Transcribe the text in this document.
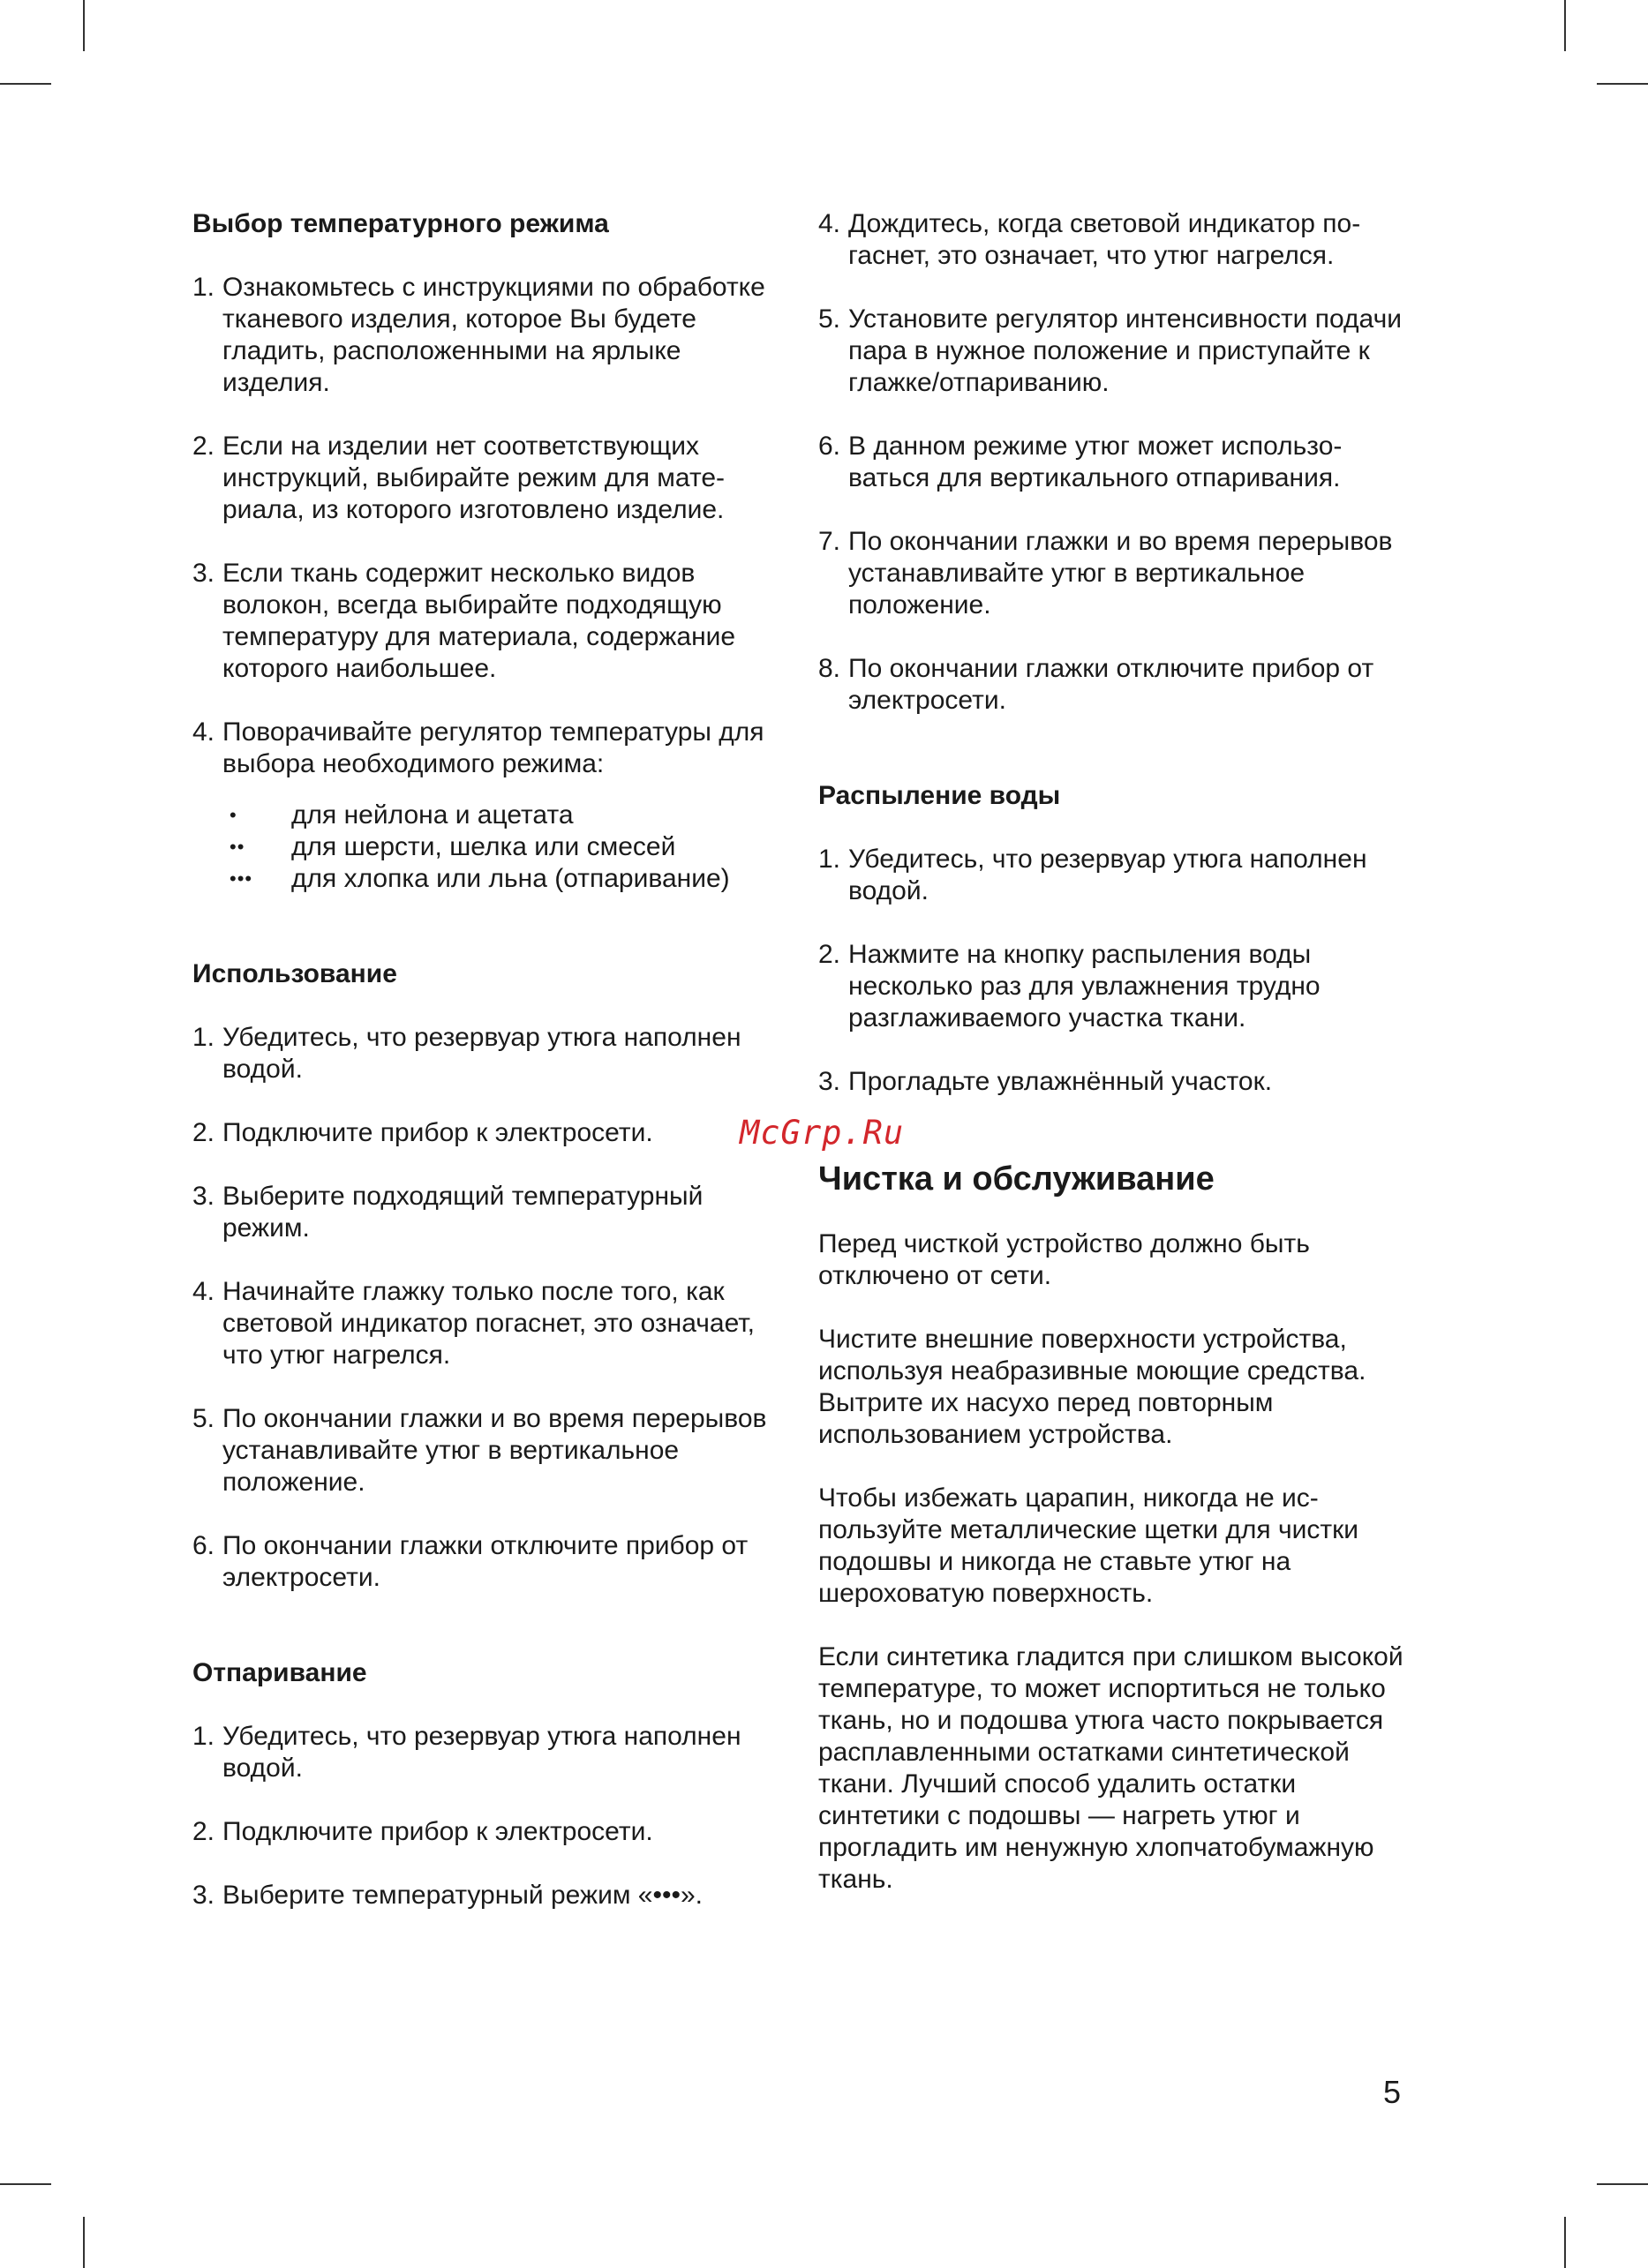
Выбор температурного режима
1. Ознакомьтесь с инструкциями по обработке тканевого изделия, которое Вы будете гладить, расположенными на ярлыке изделия.
2. Если на изделии нет соответствующих инструкций, выбирайте режим для материала, из которого изготовлено изделие.
3. Если ткань содержит несколько видов волокон, всегда выбирайте подходящую температуру для материала, содержание которого наибольшее.
4. Поворачивайте регулятор температуры для выбора необходимого режима:
•	для нейлона и ацетата
••	для шерсти, шелка или смесей
•••	для хлопка или льна (отпаривание)
Использование
1. Убедитесь, что резервуар утюга наполнен водой.
2. Подключите прибор к электросети.
3. Выберите подходящий температурный режим.
4. Начинайте глажку только после того, как световой индикатор погаснет, это означает, что утюг нагрелся.
5. По окончании глажки и во время перерывов устанавливайте утюг в вертикальное положение.
6. По окончании глажки отключите прибор от электросети.
Отпаривание
1. Убедитесь, что резервуар утюга наполнен водой.
2. Подключите прибор к электросети.
3. Выберите температурный режим «•••».
4. Дождитесь, когда световой индикатор погаснет, это означает, что утюг нагрелся.
5. Установите регулятор интенсивности подачи пара в нужное положение и приступайте к глажке/отпариванию.
6. В данном режиме утюг может использоваться для вертикального отпаривания.
7. По окончании глажки и во время перерывов устанавливайте утюг в вертикальное положение.
8. По окончании глажки отключите прибор от электросети.
Распыление воды
1. Убедитесь, что резервуар утюга наполнен водой.
2. Нажмите на кнопку распыления воды несколько раз для увлажнения трудно разглаживаемого участка ткани.
3. Прогладьте увлажнённый участок.
Чистка и обслуживание

Перед чисткой устройство должно быть отключено от сети.

Чистите внешние поверхности устройства, используя неабразивные моющие средства. Вытрите их насухо перед повторным использованием устройства.

Чтобы избежать царапин, никогда не используйте металлические щетки для чистки подошвы и никогда не ставьте утюг на шероховатую поверхность.

Если синтетика гладится при слишком высокой температуре, то может испортиться не только ткань, но и подошва утюга часто покрывается расплавленными остатками синтетической ткани. Лучший способ удалить остатки синтетики с подошвы — нагреть утюг и прогладить им ненужную хлопчатобумажную ткань.

McGrp.Ru
5
